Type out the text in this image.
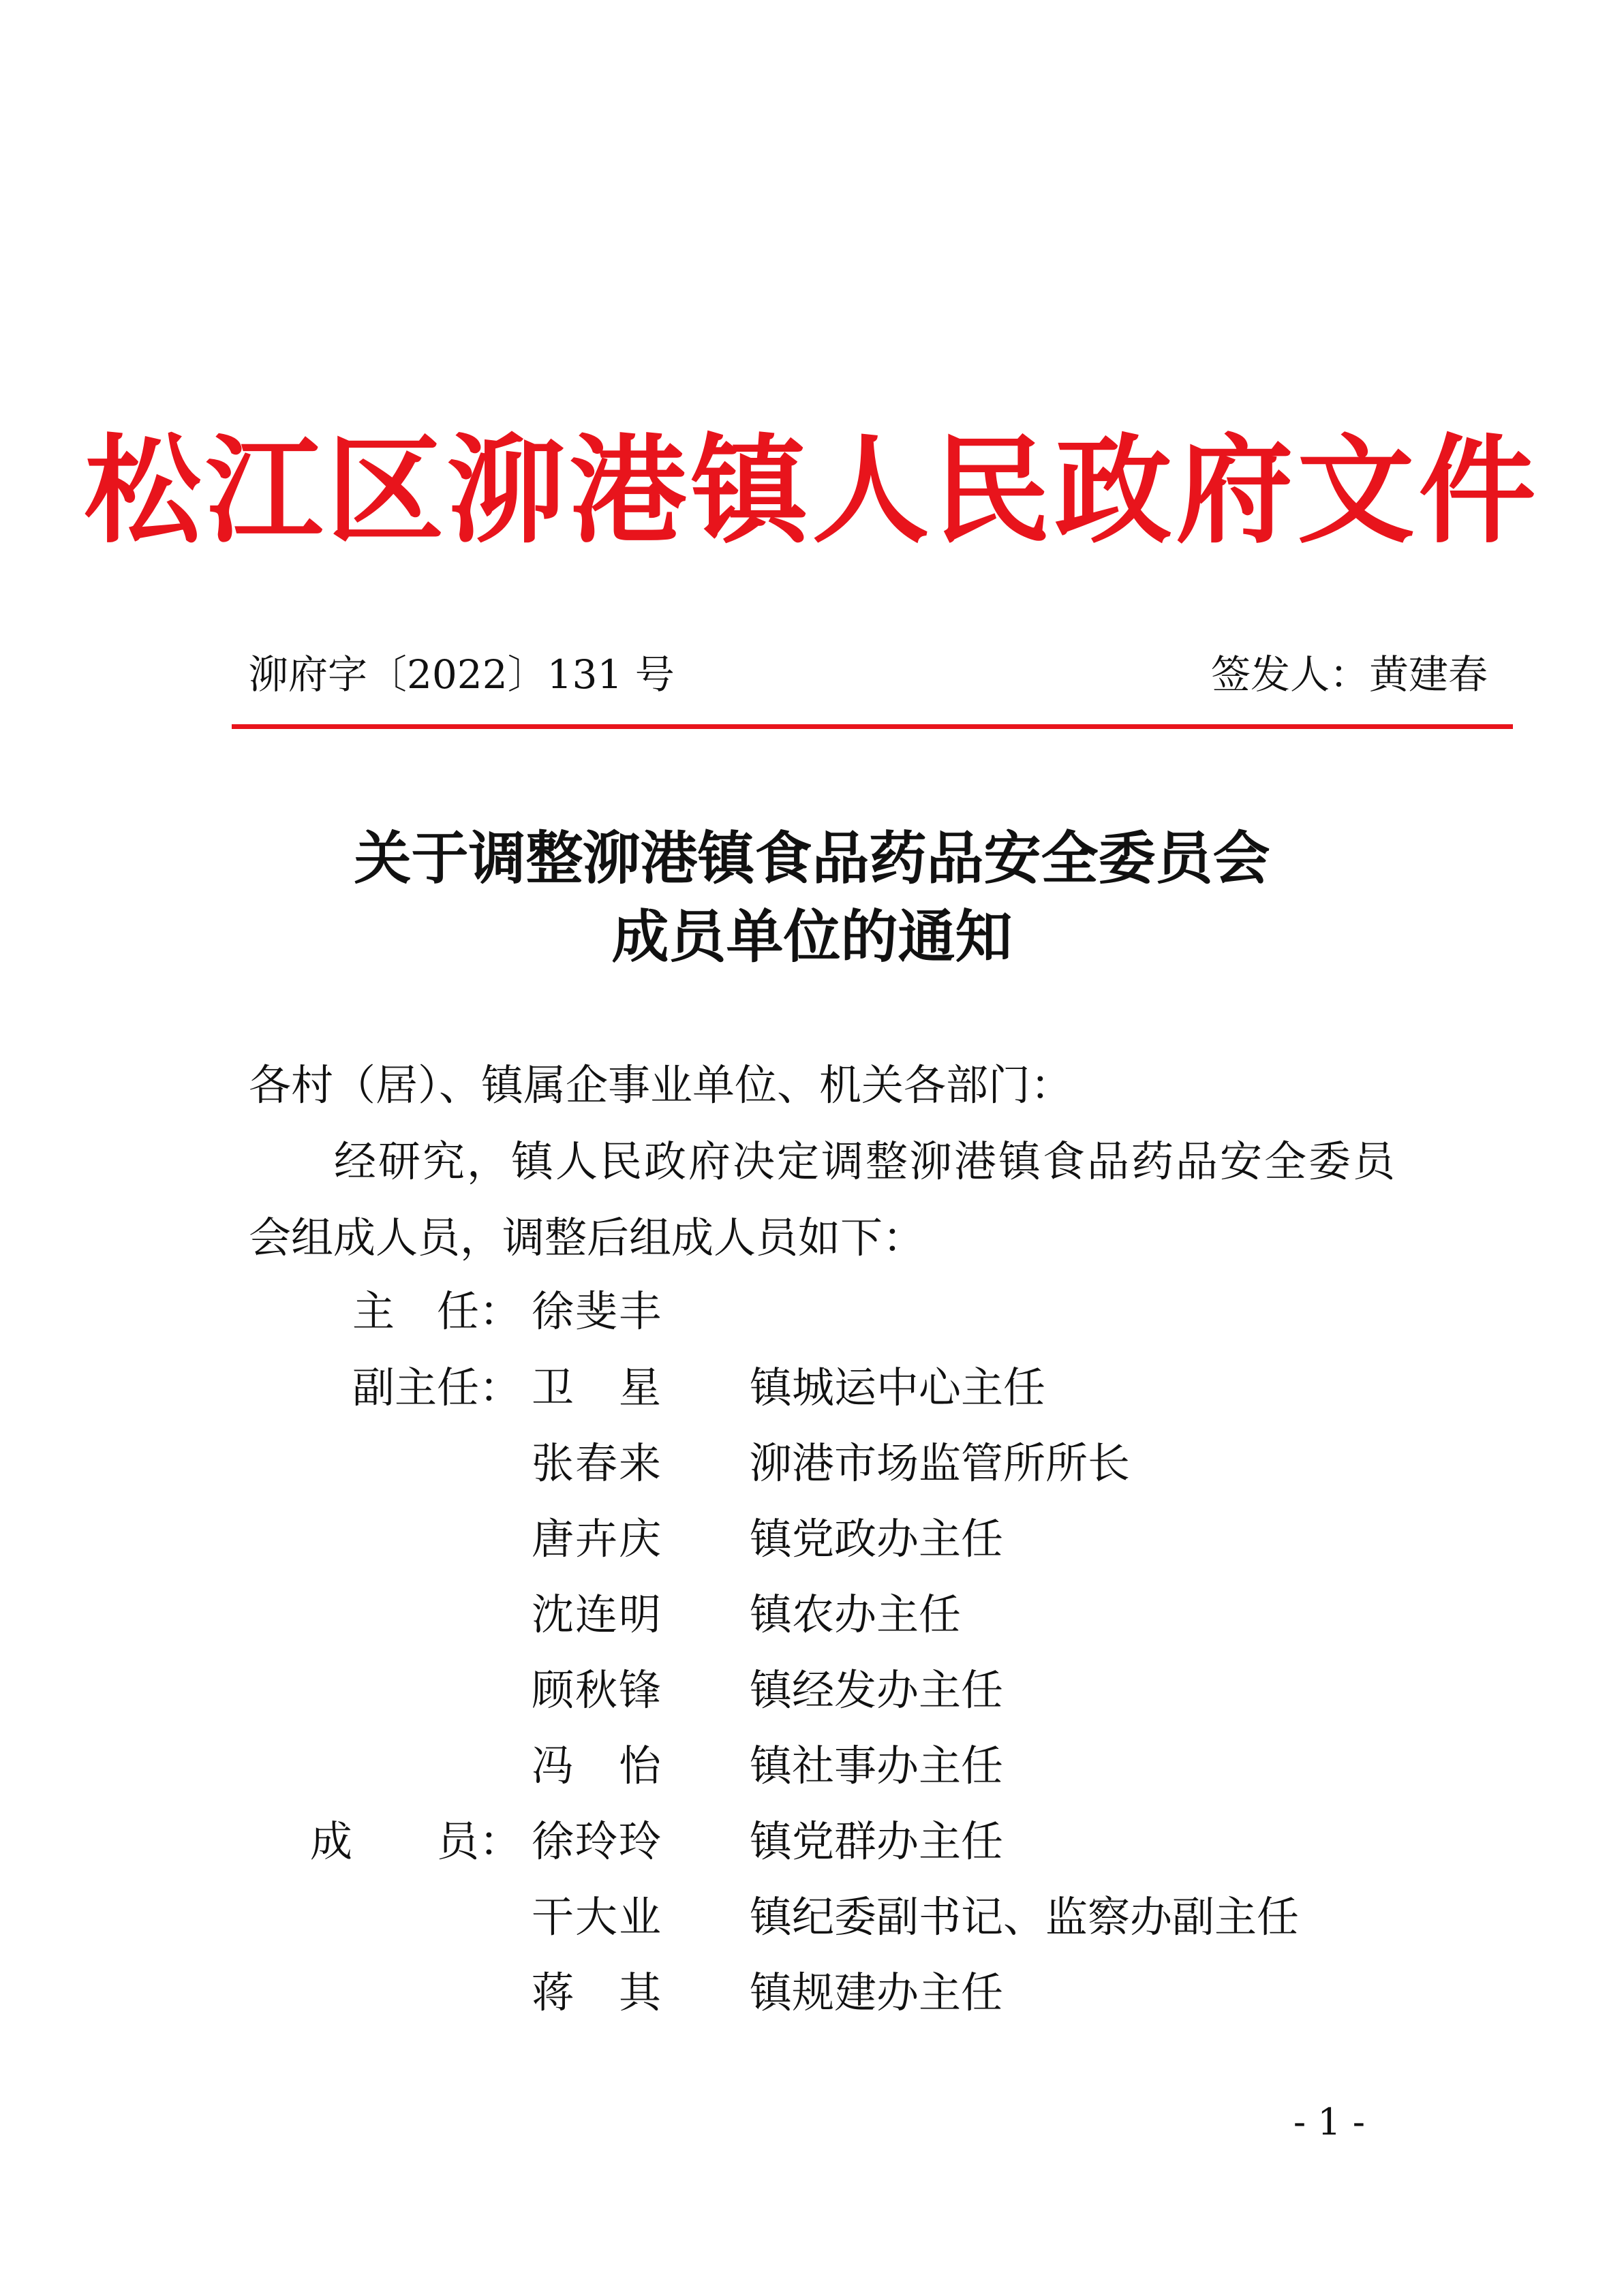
松江区泖港镇人民政府文件
泖府字〔2022〕131 号	签发人：黄建春
关于调整泖港镇食品药品安全委员会
成员单位的通知
各村（居）、镇属企事业单位、机关各部门：
经研究，镇人民政府决定调整泖港镇食品药品安全委员
会组成人员，调整后组成人员如下：
主　任： 徐斐丰
副主任： 卫星 镇城运中心主任
张春来 泖港市场监管所所长
唐卉庆 镇党政办主任
沈连明 镇农办主任
顾秋锋 镇经发办主任
冯怡 镇社事办主任
成　　员： 徐玲玲 镇党群办主任
干大业 镇纪委副书记、监察办副主任
蒋其 镇规建办主任
- 1 -
